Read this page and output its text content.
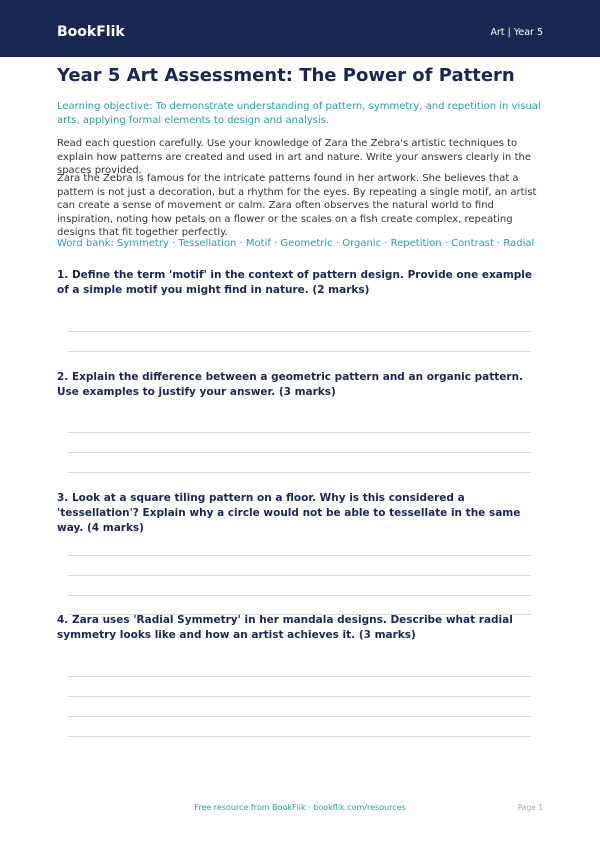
BookFlik	Art | Year 5
Year 5 Art Assessment: The Power of Pattern
Learning objective: To demonstrate understanding of pattern, symmetry, and repetition in visual arts, applying formal elements to design and analysis.
Read each question carefully. Use your knowledge of Zara the Zebra's artistic techniques to explain how patterns are created and used in art and nature. Write your answers clearly in the spaces provided.
Zara the Zebra is famous for the intricate patterns found in her artwork. She believes that a pattern is not just a decoration, but a rhythm for the eyes. By repeating a single motif, an artist can create a sense of movement or calm. Zara often observes the natural world to find inspiration, noting how petals on a flower or the scales on a fish create complex, repeating designs that fit together perfectly.
Word bank: Symmetry · Tessellation · Motif · Geometric · Organic · Repetition · Contrast · Radial
1. Define the term 'motif' in the context of pattern design. Provide one example of a simple motif you might find in nature. (2 marks)
2. Explain the difference between a geometric pattern and an organic pattern. Use examples to justify your answer. (3 marks)
3. Look at a square tiling pattern on a floor. Why is this considered a 'tessellation'? Explain why a circle would not be able to tessellate in the same way. (4 marks)
4. Zara uses 'Radial Symmetry' in her mandala designs. Describe what radial symmetry looks like and how an artist achieves it. (3 marks)
Free resource from BookFlik · bookflik.com/resources	Page 1
